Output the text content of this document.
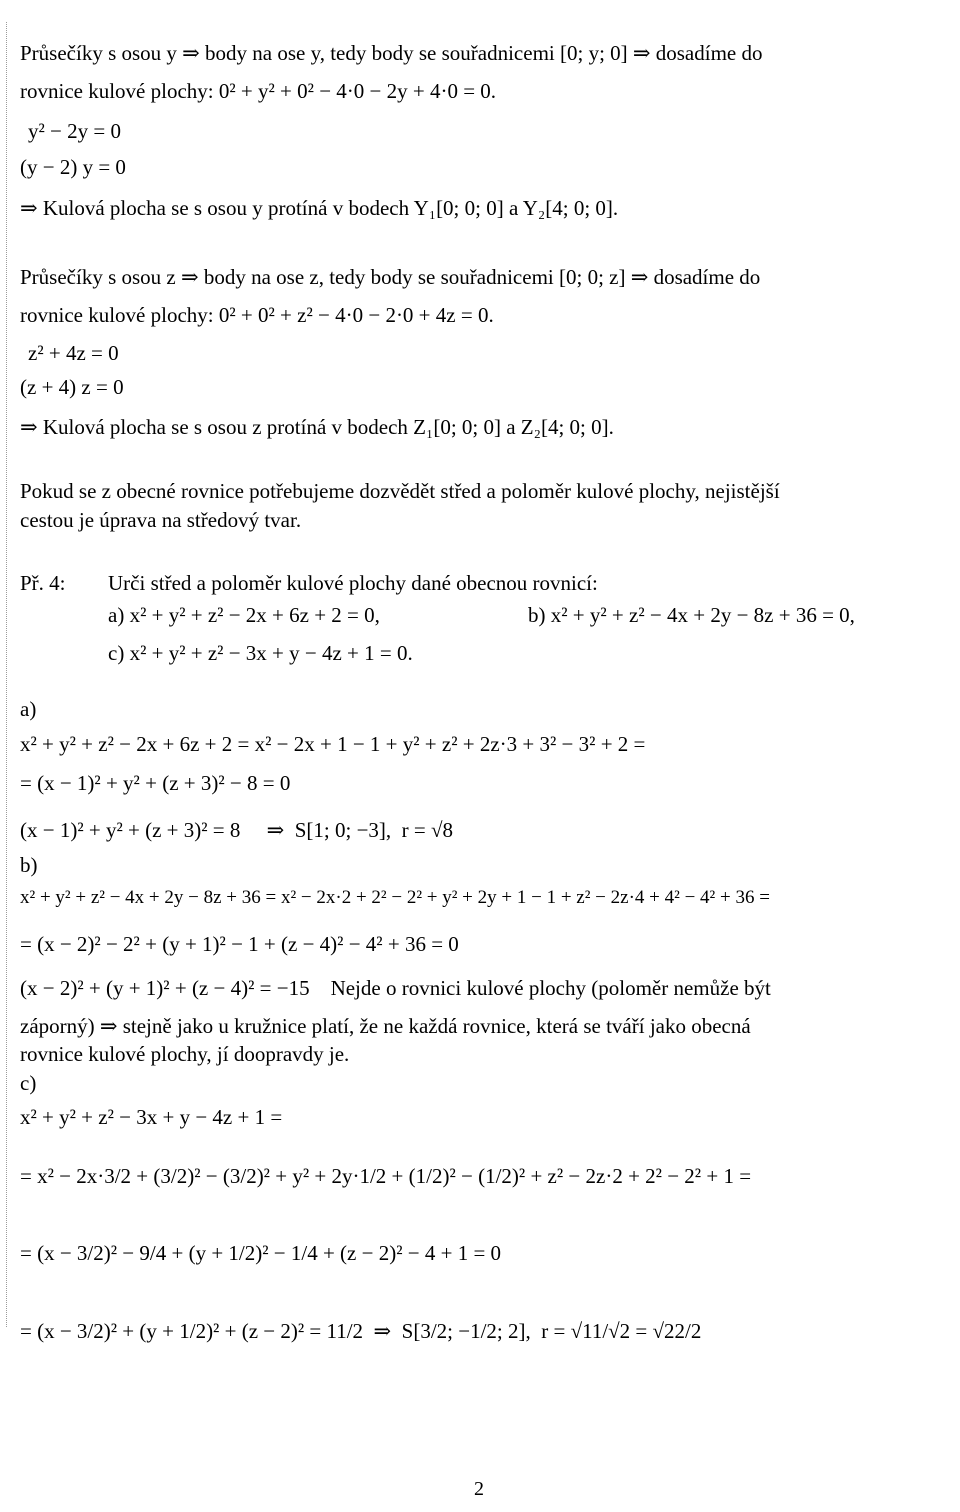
Průsečíky s osou y ⇒ body na ose y, tedy body se souřadnicemi [0; y; 0] ⇒ dosadíme do
rovnice kulové plochy: 0² + y² + 0² − 4·0 − 2y + 4·0 = 0.
y² − 2y = 0
(y − 2) y = 0
⇒ Kulová plocha se s osou y protíná v bodech Y₁[0; 0; 0] a Y₂[4; 0; 0].
Průsečíky s osou z ⇒ body na ose z, tedy body se souřadnicemi [0; 0; z] ⇒ dosadíme do
rovnice kulové plochy: 0² + 0² + z² − 4·0 − 2·0 + 4z = 0.
z² + 4z = 0
(z + 4) z = 0
⇒ Kulová plocha se s osou z protíná v bodech Z₁[0; 0; 0] a Z₂[4; 0; 0].
Pokud se z obecné rovnice potřebujeme dozvědět střed a poloměr kulové plochy, nejistější
cestou je úprava na středový tvar.
Př. 4: Urči střed a poloměr kulové plochy dané obecnou rovnicí:
a) x² + y² + z² − 2x + 6z + 2 = 0,	b) x² + y² + z² − 4x + 2y − 8z + 36 = 0,
c) x² + y² + z² − 3x + y − 4z + 1 = 0.
a)
x² + y² + z² − 2x + 6z + 2 = x² − 2x + 1 − 1 + y² + z² + 2z·3 + 3² − 3² + 2 =
= (x − 1)² + y² + (z + 3)² − 8 = 0
(x − 1)² + y² + (z + 3)² = 8     ⇒  S[1; 0; −3],  r = √8
b)
x² + y² + z² − 4x + 2y − 8z + 36 = x² − 2x·2 + 2² − 2² + y² + 2y + 1 − 1 + z² − 2z·4 + 4² − 4² + 36 =
= (x − 2)² − 2² + (y + 1)² − 1 + (z − 4)² − 4² + 36 = 0
(x − 2)² + (y + 1)² + (z − 4)² = −15    Nejde o rovnici kulové plochy (poloměr nemůže být
záporný) ⇒ stejně jako u kružnice platí, že ne každá rovnice, která se tváří jako obecná
rovnice kulové plochy, jí doopravdy je.
c)
x² + y² + z² − 3x + y − 4z + 1 =
= x² − 2x·3/2 + (3/2)² − (3/2)² + y² + 2y·1/2 + (1/2)² − (1/2)² + z² − 2z·2 + 2² − 2² + 1 =
= (x − 3/2)² − 9/4 + (y + 1/2)² − 1/4 + (z − 2)² − 4 + 1 = 0
= (x − 3/2)² + (y + 1/2)² + (z − 2)² = 11/2  ⇒  S[3/2; −1/2; 2],  r = √11/√2 = √22/2
2
